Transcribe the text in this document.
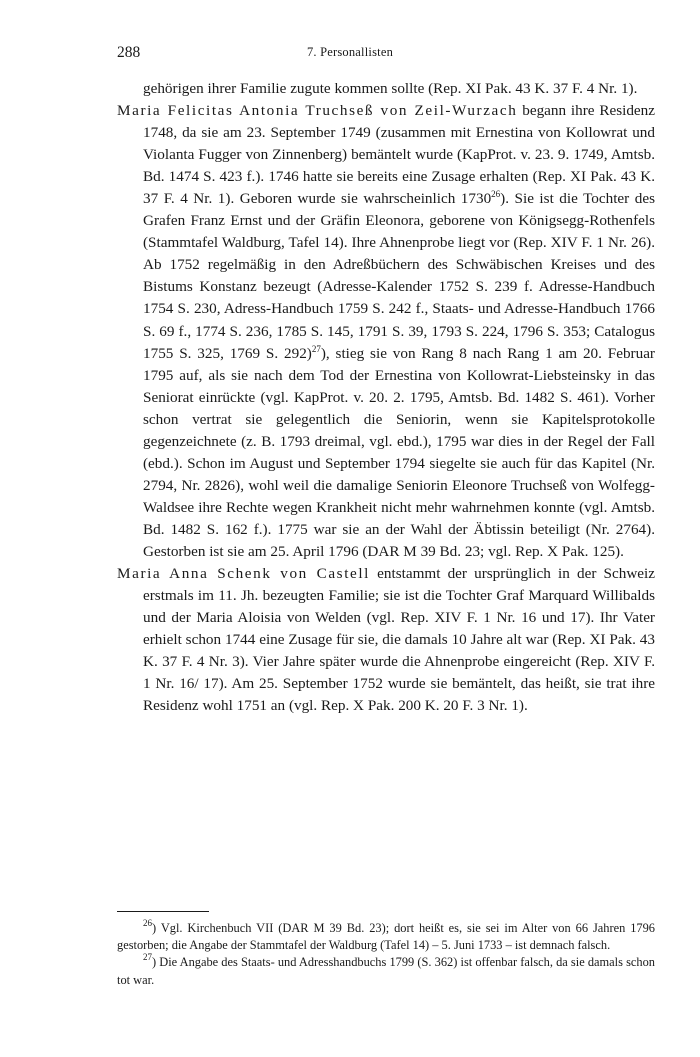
288	7. Personallisten

gehörigen ihrer Familie zugute kommen sollte (Rep. XI Pak. 43 K. 37 F. 4 Nr. 1).

Maria Felicitas Antonia Truchseß von Zeil-Wurzach begann ihre Residenz 1748, da sie am 23. September 1749 (zusammen mit Ernestina von Kollowrat und Violanta Fugger von Zinnenberg) bemäntelt wurde (KapProt. v. 23. 9. 1749, Amtsb. Bd. 1474 S. 423 f.). 1746 hatte sie bereits eine Zusage erhalten (Rep. XI Pak. 43 K. 37 F. 4 Nr. 1). Geboren wurde sie wahrscheinlich 1730$^{26}$). Sie ist die Tochter des Grafen Franz Ernst und der Gräfin Eleonora, geborene von Königsegg-Rothenfels (Stammtafel Waldburg, Tafel 14). Ihre Ahnenprobe liegt vor (Rep. XIV F. 1 Nr. 26). Ab 1752 regelmäßig in den Adreßbüchern des Schwäbischen Kreises und des Bistums Konstanz bezeugt (Adresse-Kalender 1752 S. 239 f. Adresse-Handbuch 1754 S. 230, Adress-Handbuch 1759 S. 242 f., Staats- und Adresse-Handbuch 1766 S. 69 f., 1774 S. 236, 1785 S. 145, 1791 S. 39, 1793 S. 224, 1796 S. 353; Catalogus 1755 S. 325, 1769 S. 292)$^{27}$), stieg sie von Rang 8 nach Rang 1 am 20. Februar 1795 auf, als sie nach dem Tod der Ernestina von Kollowrat-Liebsteinsky in das Seniorat einrückte (vgl. KapProt. v. 20. 2. 1795, Amtsb. Bd. 1482 S. 461). Vorher schon vertrat sie gelegentlich die Seniorin, wenn sie Kapitelsprotokolle gegenzeichnete (z. B. 1793 dreimal, vgl. ebd.), 1795 war dies in der Regel der Fall (ebd.). Schon im August und September 1794 siegelte sie auch für das Kapitel (Nr. 2794, Nr. 2826), wohl weil die damalige Seniorin Eleonore Truchseß von Wolfegg-Waldsee ihre Rechte wegen Krankheit nicht mehr wahrnehmen konnte (vgl. Amtsb. Bd. 1482 S. 162 f.). 1775 war sie an der Wahl der Äbtissin beteiligt (Nr. 2764). Gestorben ist sie am 25. April 1796 (DAR M 39 Bd. 23; vgl. Rep. X Pak. 125).

Maria Anna Schenk von Castell entstammt der ursprünglich in der Schweiz erstmals im 11. Jh. bezeugten Familie; sie ist die Tochter Graf Marquard Willibalds und der Maria Aloisia von Welden (vgl. Rep. XIV F. 1 Nr. 16 und 17). Ihr Vater erhielt schon 1744 eine Zusage für sie, die damals 10 Jahre alt war (Rep. XI Pak. 43 K. 37 F. 4 Nr. 3). Vier Jahre später wurde die Ahnenprobe eingereicht (Rep. XIV F. 1 Nr. 16/ 17). Am 25. September 1752 wurde sie bemäntelt, das heißt, sie trat ihre Residenz wohl 1751 an (vgl. Rep. X Pak. 200 K. 20 F. 3 Nr. 1).

$^{26}$) Vgl. Kirchenbuch VII (DAR M 39 Bd. 23); dort heißt es, sie sei im Alter von 66 Jahren 1796 gestorben; die Angabe der Stammtafel der Waldburg (Tafel 14) – 5. Juni 1733 – ist demnach falsch.

$^{27}$) Die Angabe des Staats- und Adresshandbuchs 1799 (S. 362) ist offenbar falsch, da sie damals schon tot war.
